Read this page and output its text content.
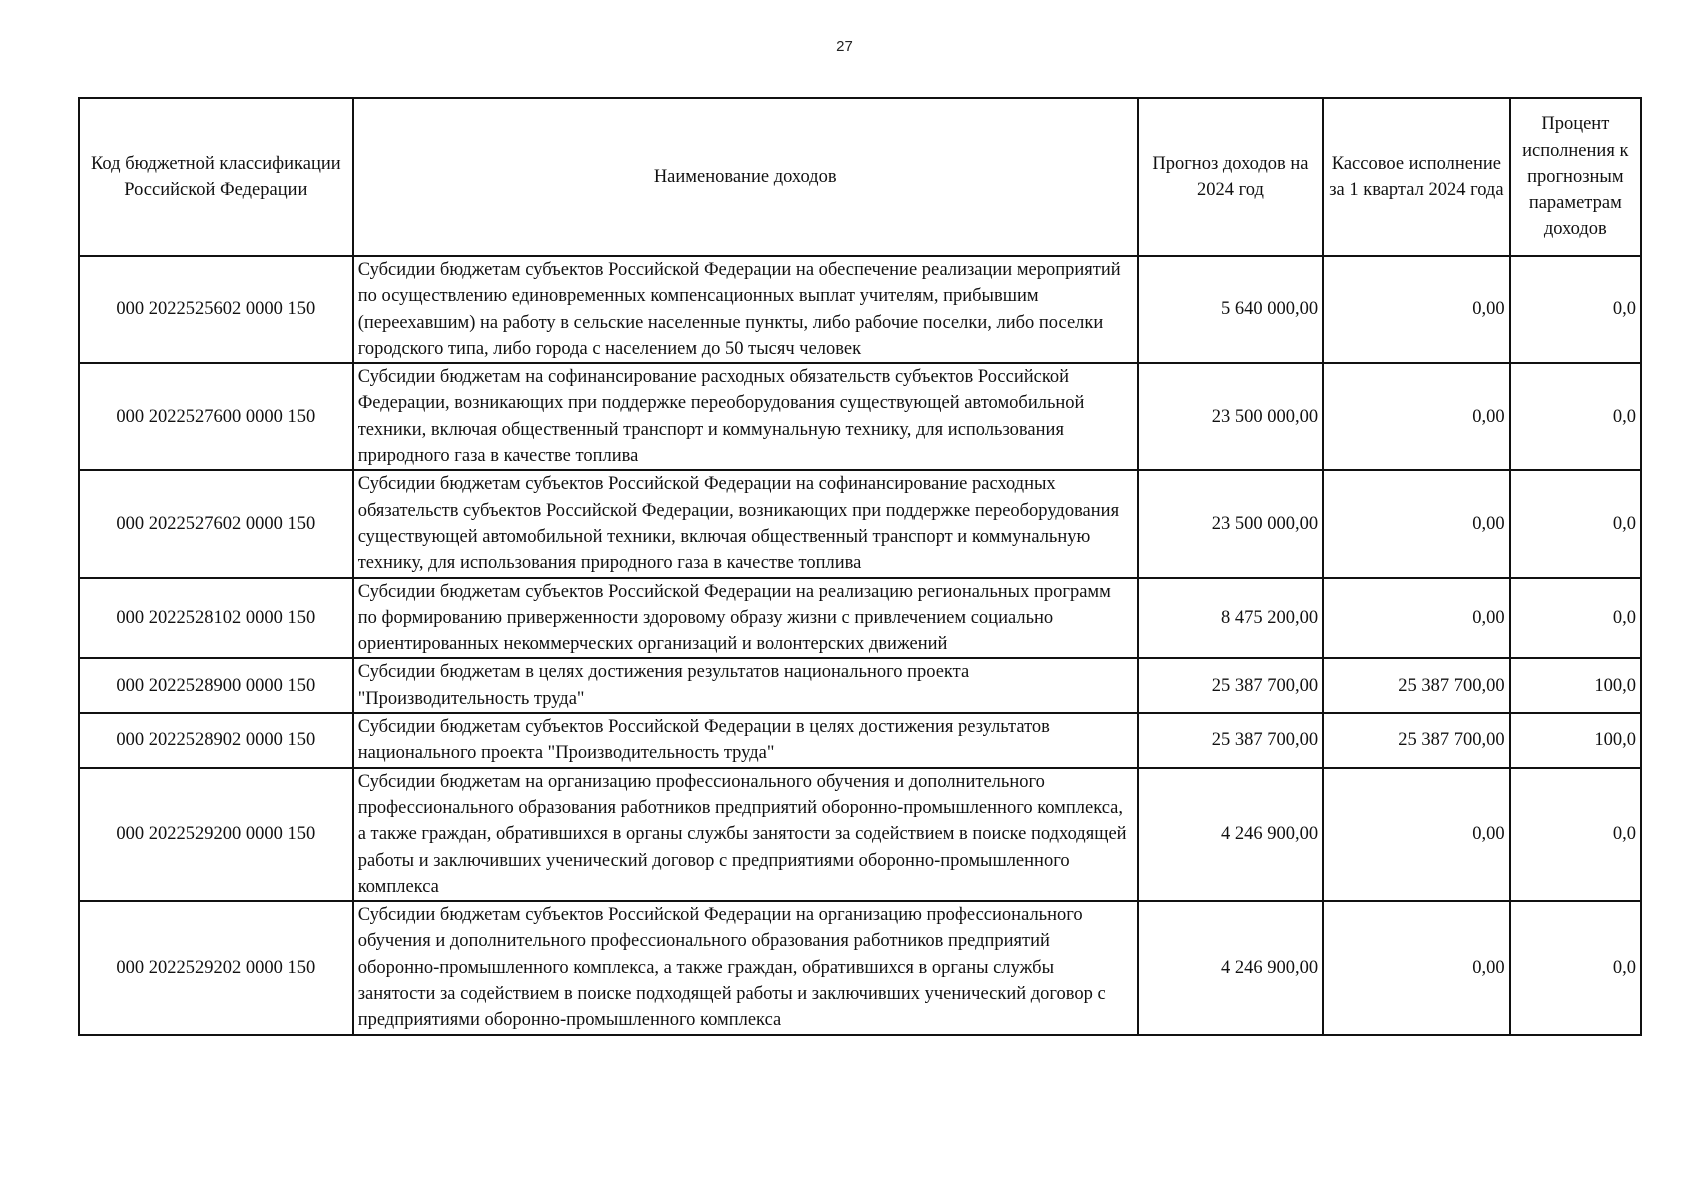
27
Код бюджетной классификации Российской Федерации	Наименование доходов	Прогноз доходов на 2024 год	Кассовое исполнение за 1 квартал 2024 года	Процент исполнения к прогнозным параметрам доходов
000 2022525602 0000 150	Субсидии бюджетам субъектов Российской Федерации на обеспечение реализации мероприятий по осуществлению единовременных компенсационных выплат учителям, прибывшим (переехавшим) на работу в сельские населенные пункты, либо рабочие поселки, либо поселки городского типа, либо города с населением до 50 тысяч человек	5 640 000,00	0,00	0,0
000 2022527600 0000 150	Субсидии бюджетам на софинансирование расходных обязательств субъектов Российской Федерации, возникающих при поддержке переоборудования существующей автомобильной техники, включая общественный транспорт и коммунальную технику, для использования природного газа в качестве топлива	23 500 000,00	0,00	0,0
000 2022527602 0000 150	Субсидии бюджетам субъектов Российской Федерации на софинансирование расходных обязательств субъектов Российской Федерации, возникающих при поддержке переоборудования существующей автомобильной техники, включая общественный транспорт и коммунальную технику, для использования природного газа в качестве топлива	23 500 000,00	0,00	0,0
000 2022528102 0000 150	Субсидии бюджетам субъектов Российской Федерации на реализацию региональных программ по формированию приверженности здоровому образу жизни с привлечением социально ориентированных некоммерческих организаций и волонтерских движений	8 475 200,00	0,00	0,0
000 2022528900 0000 150	Субсидии бюджетам в целях достижения результатов национального проекта "Производительность труда"	25 387 700,00	25 387 700,00	100,0
000 2022528902 0000 150	Субсидии бюджетам субъектов Российской Федерации в целях достижения результатов национального проекта "Производительность труда"	25 387 700,00	25 387 700,00	100,0
000 2022529200 0000 150	Субсидии бюджетам на организацию профессионального обучения и дополнительного профессионального образования работников предприятий оборонно-промышленного комплекса, а также граждан, обратившихся в органы службы занятости за содействием в поиске подходящей работы и заключивших ученический договор с предприятиями оборонно-промышленного комплекса	4 246 900,00	0,00	0,0
000 2022529202 0000 150	Субсидии бюджетам субъектов Российской Федерации на организацию профессионального обучения и дополнительного профессионального образования работников предприятий оборонно-промышленного комплекса, а также граждан, обратившихся в органы службы занятости за содействием в поиске подходящей работы и заключивших ученический договор с предприятиями оборонно-промышленного комплекса	4 246 900,00	0,00	0,0
